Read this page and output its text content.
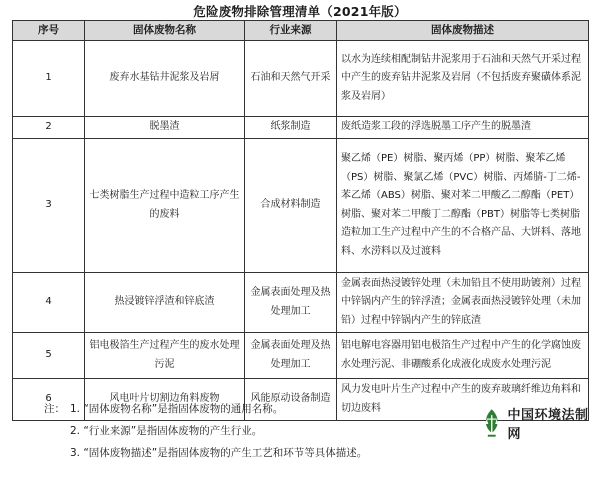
危险废物排除管理清单（2021年版）
序号	固体废物名称	行业来源	固体废物描述
1	废弃水基钻井泥浆及岩屑	石油和天然气开采	以水为连续相配制钻井泥浆用于石油和天然气开采过程中产生的废弃钻井泥浆及岩屑（不包括废弃聚磺体系泥浆及岩屑）
2	脱墨渣	纸浆制造	废纸造浆工段的浮选脱墨工序产生的脱墨渣
3	七类树脂生产过程中造粒工序产生的废料	合成材料制造	聚乙烯（PE）树脂、聚丙烯（PP）树脂、聚苯乙烯（PS）树脂、聚氯乙烯（PVC）树脂、丙烯腈-丁二烯-苯乙烯（ABS）树脂、聚对苯二甲酸乙二醇酯（PET）树脂、聚对苯二甲酸丁二醇酯（PBT）树脂等七类树脂造粒加工生产过程中产生的不合格产品、大饼料、落地料、水涝料以及过渡料
4	热浸镀锌浮渣和锌底渣	金属表面处理及热处理加工	金属表面热浸镀锌处理（未加铅且不使用助镀剂）过程中锌锅内产生的锌浮渣；金属表面热浸镀锌处理（未加铅）过程中锌锅内产生的锌底渣
5	铝电极箔生产过程产生的废水处理污泥	金属表面处理及热处理加工	铝电解电容器用铝电极箔生产过程中产生的化学腐蚀废水处理污泥、非硼酸系化成液化成废水处理污泥
6	风电叶片切割边角料废物	风能原动设备制造	风力发电叶片生产过程中产生的废弃玻璃纤维边角料和切边废料
注： 1. “固体废物名称”是指固体废物的通用名称。
2. “行业来源”是指固体废物的产生行业。
3. “固体废物描述”是指固体废物的产生工艺和环节等具体描述。
中国环境法制网
